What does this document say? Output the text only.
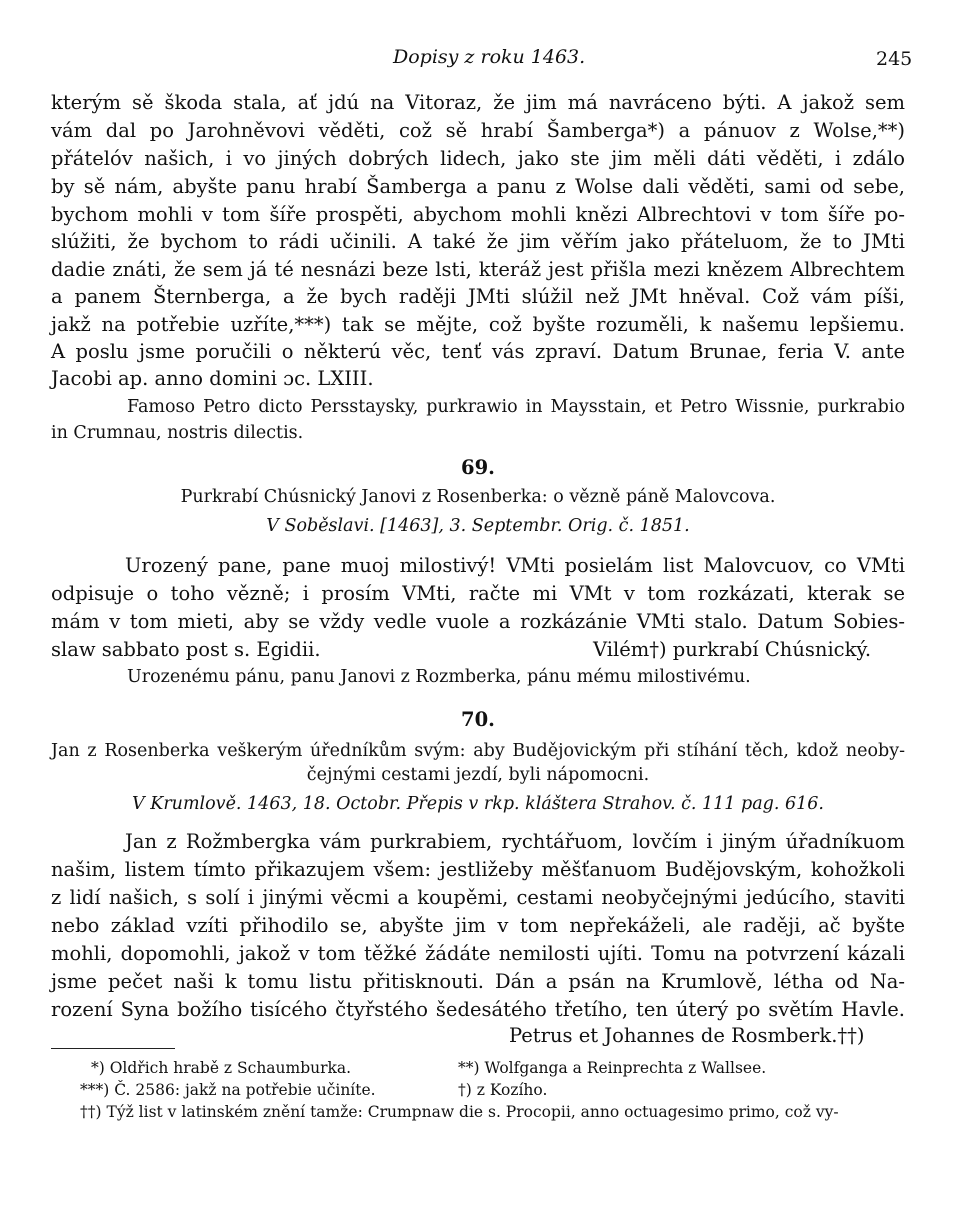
Dopisy z roku 1463.	245
kterým sě škoda stala, ať jdú na Vitoraz, že jim má navráceno býti. A jakož sem
vám dal po Jarohněvovi věděti, což sě hrabí Šamberga*) a pánuov z Wolse,**)
přátelóv našich, i vo jiných dobrých lidech, jako ste jim měli dáti věděti, i zdálo
by sě nám, abyšte panu hrabí Šamberga a panu z Wolse dali věděti, sami od sebe,
bychom mohli v tom šíře prospěti, abychom mohli knězi Albrechtovi v tom šíře po-
slúžiti, že bychom to rádi učinili. A také že jim věřím jako přáteluom, že to JMti
dadie znáti, že sem já té nesnázi beze lsti, kteráž jest přišla mezi knězem Albrechtem
a panem Šternberga, a že bych raději JMti slúžil než JMt hněval. Což vám píši,
jakž na potřebie uzříte,***) tak se mějte, což byšte rozuměli, k našemu lepšiemu.
A poslu jsme poručili o některú věc, tenť vás zpraví. Datum Brunae, feria V. ante
Jacobi ap. anno domini ɔc. LXIII.
Famoso Petro dicto Persstaysky, purkrawio in Maysstain, et Petro Wissnie, purkrabio
in Crumnau, nostris dilectis.
69.
Purkrabí Chúsnický Janovi z Rosenberka: o vězně páně Malovcova.
V Soběslavi. [1463], 3. Septembr. Orig. č. 1851.
Urozený pane, pane muoj milostivý! VMti posielám list Malovcuov, co VMti
odpisuje o toho vězně; i prosím VMti, račte mi VMt v tom rozkázati, kterak se
mám v tom mieti, aby se vždy vedle vuole a rozkázánie VMti stalo. Datum Sobies-
slaw sabbato post s. Egidii.	Vilém†) purkrabí Chúsnický.
Urozenému pánu, panu Janovi z Rozmberka, pánu mému milostivému.
70.
Jan z Rosenberka veškerým úředníkům svým: aby Budějovickým při stíhání těch, kdož neoby-
čejnými cestami jezdí, byli nápomocni.
V Krumlově. 1463, 18. Octobr. Přepis v rkp. kláštera Strahov. č. 111 pag. 616.
Jan z Rožmbergka vám purkrabiem, rychtářuom, lovčím i jiným úřadníkuom
našim, listem tímto přikazujem všem: jestližeby měšťanuom Budějovským, kohožkoli
z lidí našich, s solí i jinými věcmi a koupěmi, cestami neobyčejnými jedúcího, staviti
nebo základ vzíti přihodilo se, abyšte jim v tom nepřekáželi, ale raději, ač byšte
mohli, dopomohli, jakož v tom těžké žádáte nemilosti ujíti. Tomu na potvrzení kázali
jsme pečet naši k tomu listu přitisknouti. Dán a psán na Krumlově, létha od Na-
rození Syna božího tisícého čtyřstého šedesátého třetího, ten úterý po světím Havle.
Petrus et Johannes de Rosmberk.††)
*) Oldřich hrabě z Schaumburka.	**) Wolfganga a Reinprechta z Wallsee.
***) Č. 2586: jakž na potřebie učiníte.	†) z Kozího.
††) Týž list v latinském znění tamže: Crumpnaw die s. Procopii, anno octuagesimo primo, což vy-
